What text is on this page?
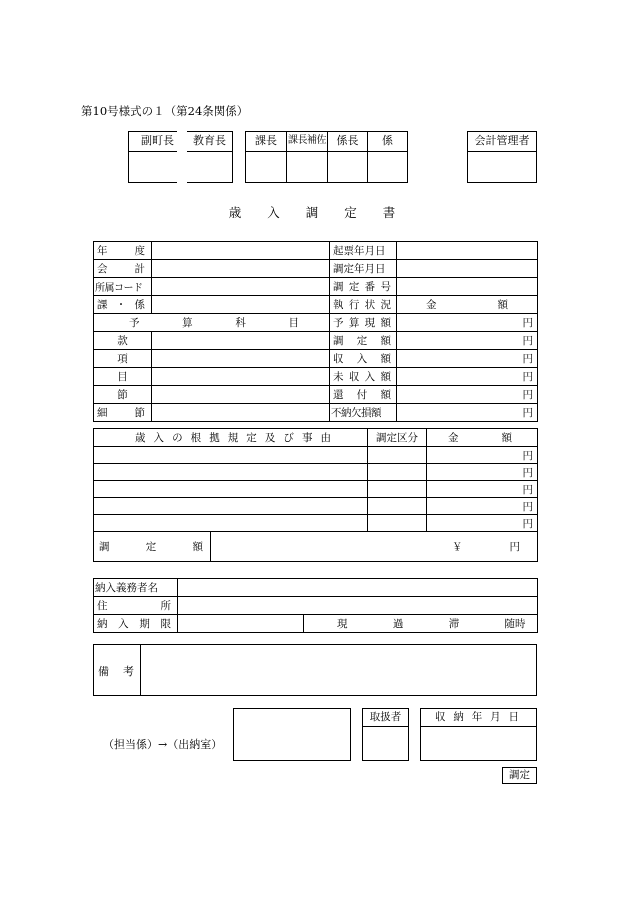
第10号様式の１（第24条関係）
副町長	教育長	課長	課長補佐 係長	係	会計管理者
歳入調定書
年度		起票年月日	

会計		調定年月日	
所属コード		調定番号	

課・係		執行状況	金額

予算科目		予算現額	円
款		調定額	円
項		収入額	円
目		未収入額	円
節		還付額	円

細節		不納欠損額	円
歳入の根拠規定及び事由		調定区分	金額

			円
			円
			円
			円
			円

調定額	￥ 円		
納入義務者名		

住所		

納入期限		現 過 滞 随時
備考
（担当係）→（出納室）
取扱者	収納年月日
調定
